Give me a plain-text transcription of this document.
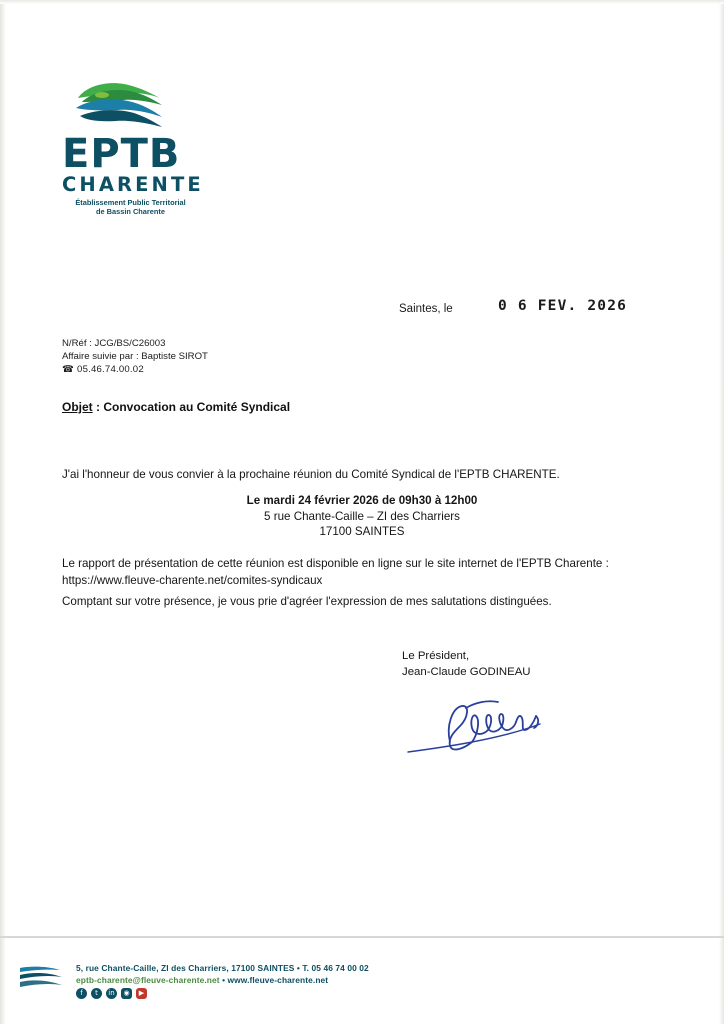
EPTB
CHARENTE
Établissement Public Territorial
de Bassin Charente
Saintes, le	0 6 FEV. 2026
N/Réf : JCG/BS/C26003
Affaire suivie par : Baptiste SIROT
☎ 05.46.74.00.02
Objet : Convocation au Comité Syndical
J'ai l'honneur de vous convier à la prochaine réunion du Comité Syndical de l'EPTB CHARENTE.
Le mardi 24 février 2026 de 09h30 à 12h00
5 rue Chante-Caille – ZI des Charriers
17100 SAINTES
Le rapport de présentation de cette réunion est disponible en ligne sur le site internet de l'EPTB Charente :
https://www.fleuve-charente.net/comites-syndicaux
Comptant sur votre présence, je vous prie d'agréer l'expression de mes salutations distinguées.
Le Président,
Jean-Claude GODINEAU
5, rue Chante-Caille, ZI des Charriers, 17100 SAINTES • T. 05 46 74 00 02
eptb-charente@fleuve-charente.net • www.fleuve-charente.net
f	t	in	◉	▶
